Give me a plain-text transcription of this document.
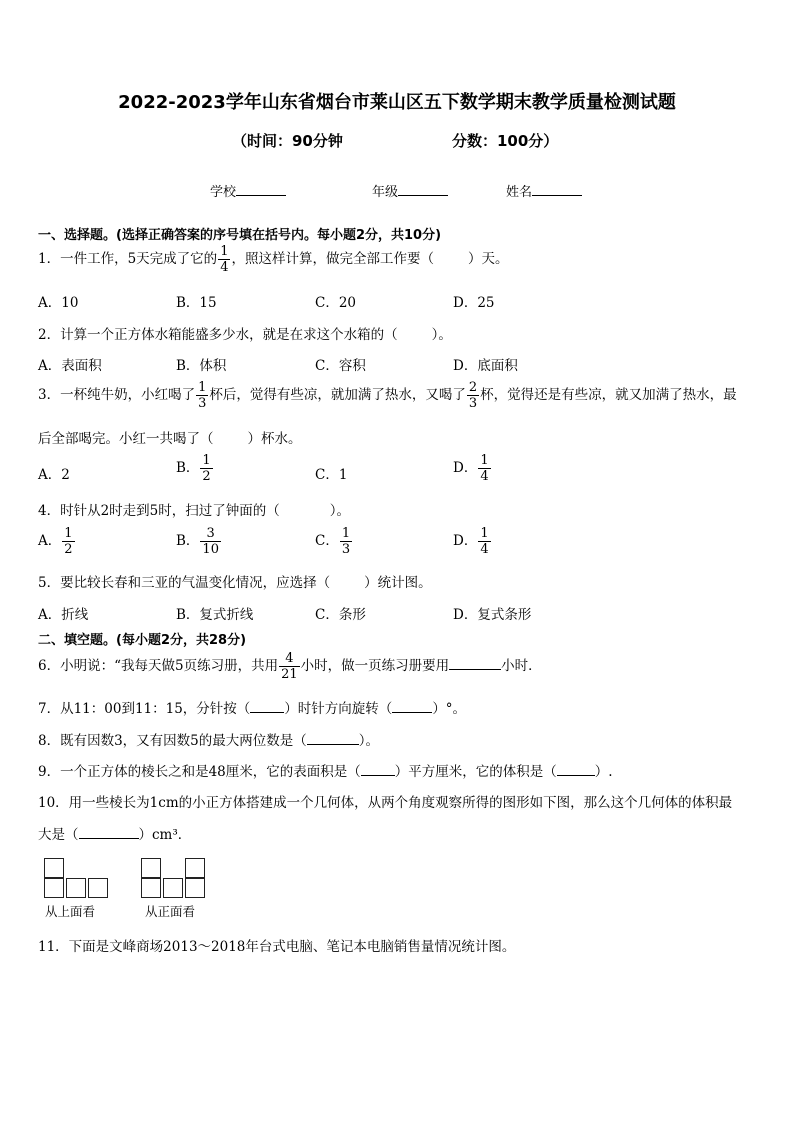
2022-2023学年山东省烟台市莱山区五下数学期末教学质量检测试题
（时间：90分钟	分数：100分）
学校	年级	姓名
一、选择题。(选择正确答案的序号填在括号内。每小题2分，共10分)
1．一件工作，5天完成了它的 $\frac{1}{4}$ ，照这样计算，做完全部工作要（	）天。
A．10	B．15	C．20	D．25
2．计算一个正方体水箱能盛多少水，就是在求这个水箱的（	）。
A．表面积	B．体积	C．容积	D．底面积
3．一杯纯牛奶，小红喝了 $\frac{1}{3}$ 杯后，觉得有些凉，就加满了热水，又喝了 $\frac{2}{3}$ 杯，觉得还是有些凉，就又加满了热水，最
后全部喝完。小红一共喝了（	）杯水。
A．2	B． $\frac{1}{2}$	C．1	D． $\frac{1}{4}$
4．时针从2时走到5时，扫过了钟面的（	）。
A． $\frac{1}{2}$	B． $\frac{3}{10}$	C． $\frac{1}{3}$	D． $\frac{1}{4}$
5．要比较长春和三亚的气温变化情况，应选择（	）统计图。
A．折线	B．复式折线	C．条形	D．复式条形
二、填空题。(每小题2分，共28分)
6．小明说：“我每天做5页练习册，共用 $\frac{4}{21}$ 小时，做一页练习册要用	小时．
7．从11：00到11：15，分针按（	）时针方向旋转（	）°。
8．既有因数3，又有因数5的最大两位数是（	）。
9．一个正方体的棱长之和是48厘米，它的表面积是（	）平方厘米，它的体积是（	）.
10．用一些棱长为1cm的小正方体搭建成一个几何体，从两个角度观察所得的图形如下图，那么这个几何体的体积最
大是（	）cm³．
从上面看	从正面看
11．下面是文峰商场2013～2018年台式电脑、笔记本电脑销售量情况统计图。
